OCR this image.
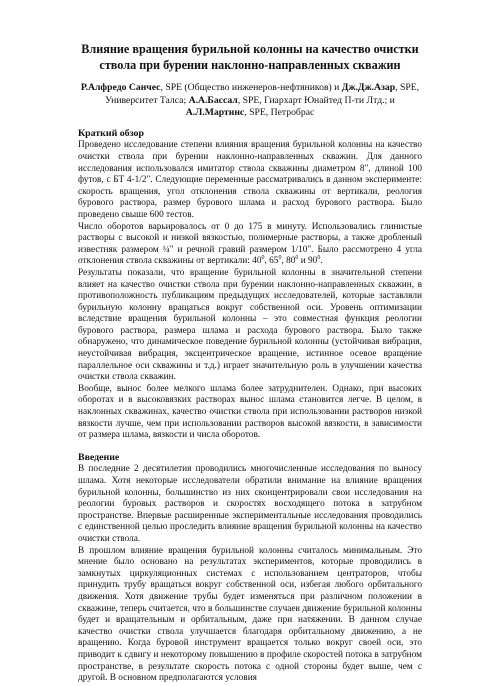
Влияние вращения бурильной колонны на качество очистки ствола при бурении наклонно-направленных скважин
Р.Алфредо Санчес, SPE (Общество инженеров-нефтяников) и Дж.Дж.Азар, SPE, Университет Талса; А.А.Бассал, SPE, Гиархарт Юнайтед П-ти Лтд.; и А.Л.Мартинс, SPE, Петробрас
Краткий обзор

Проведено исследование степени влияния вращения бурильной колонны на качество очистки ствола при бурении наклонно-направленных скважин. Для данного исследования использовался имитатор ствола скважины диаметром 8", длиной 100 футов, с БТ 4-1/2". Следующие переменные рассматривались в данном эксперименте: скорость вращения, угол отклонения ствола скважины от вертикали, реология бурового раствора, размер бурового шлама и расход бурового раствора. Было проведено свыше 600 тестов.

Число оборотов варьировалось от 0 до 175 в минуту. Использовались глинистые растворы с высокой и низкой вязкостью, полимерные растворы, а также дробленый известняк размером ¼" и речной гравий размером 1/10". Было рассмотрено 4 угла отклонения ствола скважины от вертикали: $40^0$, $65^0$, $80^0$ и $90^0$.

Результаты показали, что вращение бурильной колонны в значительной степени влияет на качество очистки ствола при бурении наклонно-направленных скважин, в противоположность публикациям предыдущих исследователей, которые заставляли бурильную колонну вращаться вокруг собственной оси. Уровень оптимизации вследствие вращения бурильной колонны – это совместная функция реологии бурового раствора, размера шлама и расхода бурового раствора. Было также обнаружено, что динамическое поведение бурильной колонны (устойчивая вибрация, неустойчивая вибрация, эксцентрическое вращение, истинное осевое вращение параллельное оси скважины и т.д.) играет значительную роль в улучшении качества очистки ствола скважин.

Вообще, вынос более мелкого шлама более затруднителен. Однако, при высоких оборотах и в высоковязких растворах вынос шлама становится легче. В целом, в наклонных скважинах, качество очистки ствола при использовании растворов низкой вязкости лучше, чем при использовании растворов высокой вязкости, в зависимости от размера шлама, вязкости и числа оборотов.

Введение

В последние 2 десятилетия проводились многочисленные исследования по выносу шлама. Хотя некоторые исследователи обратили внимание на влияние вращения бурильной колонны, большинство из них сконцентрировали свои исследования на реологии буровых растворов и скоростях восходящего потока в затрубном пространстве. Впервые расширенные экспериментальные исследования проводились с единственной целью проследить влияние вращения бурильной колонны на качество очистки ствола.

В прошлом влияние вращения бурильной колонны считалось минимальным. Это мнение было основано на результатах экспериментов, которые проводились в замкнутых циркуляционных системах с использованием центраторов, чтобы принудить трубу вращаться вокруг собственной оси, избегая любого орбитального движения. Хотя движение трубы будет изменяться при различном положении в скважине, теперь считается, что в большинстве случаев движение бурильной колонны будет и вращательным и орбитальным, даже при натяжении. В данном случае качество очистки ствола улучшается благодаря орбитальному движению, а не вращению. Когда буровой инструмент вращается только вокруг своей оси, это приводит к сдвигу и некоторому повышению в профиле скоростей потока в затрубном пространстве, в результате скорость потока с одной стороны будет выше, чем с другой. В основном предполагаются условия
